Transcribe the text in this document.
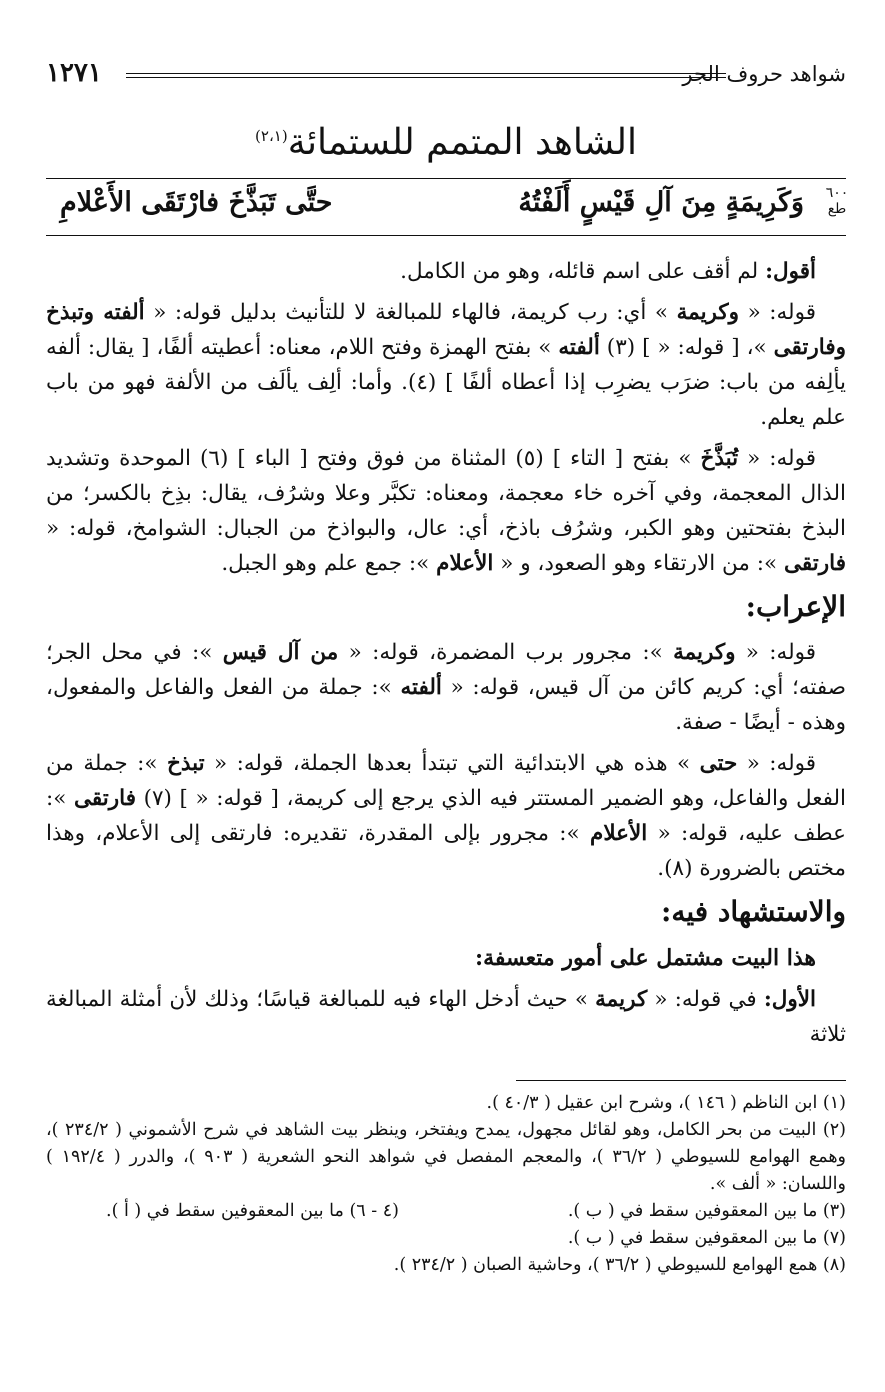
شواهد حروف الجر
١٢٧١
الشاهد المتمم للستمائة$^{(٢،١)}$
٦٠٠
طع
وَكَرِيمَةٍ مِنَ آلِ قَيْسٍ أَلَفْتُهُ
حتَّى تَبَذَّخَ فارْتَقَى الأَعْلامِ

أقول: لم أقف على اسم قائله، وهو من الكامل.

قوله: « وكريمة » أي: رب كريمة، فالهاء للمبالغة لا للتأنيث بدليل قوله: « ألفته وتبذخ وفارتقى »، [ قوله: « ] (٣) ألفته » بفتح الهمزة وفتح اللام، معناه: أعطيته ألفًا، [ يقال: ألفه يألِفه من باب: ضرَب يضرِب إذا أعطاه ألفًا ] (٤). وأما: ألِف يألَف من الألفة فهو من باب علم يعلم.

قوله: « تُبَذَّخَ » بفتح [ التاء ] (٥) المثناة من فوق وفتح [ الباء ] (٦) الموحدة وتشديد الذال المعجمة، وفي آخره خاء معجمة، ومعناه: تكبَّر وعلا وشرُف، يقال: بذِخ بالكسر؛ من البذخ بفتحتين وهو الكبر، وشرُف باذخ، أي: عال، والبواذخ من الجبال: الشوامخ، قوله: « فارتقى »: من الارتقاء وهو الصعود، و « الأعلام »: جمع علم وهو الجبل.

الإعراب:

قوله: « وكريمة »: مجرور برب المضمرة، قوله: « من آل قيس »: في محل الجر؛ صفته؛ أي: كريم كائن من آل قيس، قوله: « ألفته »: جملة من الفعل والفاعل والمفعول، وهذه - أيضًا - صفة.

قوله: « حتى » هذه هي الابتدائية التي تبتدأ بعدها الجملة، قوله: « تبذخ »: جملة من الفعل والفاعل، وهو الضمير المستتر فيه الذي يرجع إلى كريمة، [ قوله: « ] (٧) فارتقى »: عطف عليه، قوله: « الأعلام »: مجرور بإلى المقدرة، تقديره: فارتقى إلى الأعلام، وهذا مختص بالضرورة (٨).

والاستشهاد فيه:
هذا البيت مشتمل على أمور متعسفة:

الأول: في قوله: « كريمة » حيث أدخل الهاء فيه للمبالغة قياسًا؛ وذلك لأن أمثلة المبالغة ثلاثة

(١) ابن الناظم ( ١٤٦ )، وشرح ابن عقيل ( ٤٠/٣ ).

(٢) البيت من بحر الكامل، وهو لقائل مجهول، يمدح ويفتخر، وينظر بيت الشاهد في شرح الأشموني ( ٢٣٤/٢ )، وهمع الهوامع للسيوطي ( ٣٦/٢ )، والمعجم المفصل في شواهد النحو الشعرية ( ٩٠٣ )، والدرر ( ١٩٢/٤ ) واللسان: « ألف ».

(٣) ما بين المعقوفين سقط في ( ب ).
(٤ - ٦) ما بين المعقوفين سقط في ( أ ).

(٧) ما بين المعقوفين سقط في ( ب ).

(٨) همع الهوامع للسيوطي ( ٣٦/٢ )، وحاشية الصبان ( ٢٣٤/٢ ).
